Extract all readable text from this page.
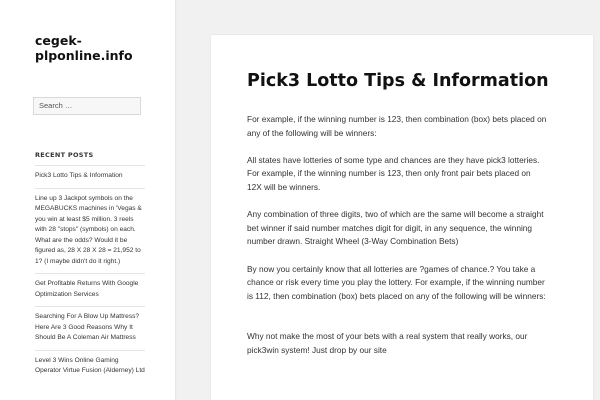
cegek-plponline.info
Search …
RECENT POSTS
Pick3 Lotto Tips & Information
Line up 3 Jackpot symbols on the MEGABUCKS machines in 'Vegas & you win at least $5 million. 3 reels with 28 "stops" (symbols) on each. What are the odds? Would it be figured as, 28 X 28 X 28 = 21,952 to 1? (I maybe didn't do it right.)
Get Profitable Returns With Google Optimization Services
Searching For A Blow Up Mattress? Here Are 3 Good Reasons Why It Should Be A Coleman Air Mattress
Level 3 Wins Online Gaming Operator Virtue Fusion (Alderney) Ltd
Pick3 Lotto Tips & Information

For example, if the winning number is 123, then combination (box) bets placed on any of the following will be winners:

All states have lotteries of some type and chances are they have pick3 lotteries. For example, if the winning number is 123, then only front pair bets placed on 12X will be winners.

Any combination of three digits, two of which are the same will become a straight bet winner if said number matches digit for digit, in any sequence, the winning number drawn. Straight Wheel (3-Way Combination Bets)

By now you certainly know that all lotteries are ?games of chance.? You take a chance or risk every time you play the lottery. For example, if the winning number is 112, then combination (box) bets placed on any of the following will be winners:

Why not make the most of your bets with a real system that really works, our pick3win system! Just drop by our site
